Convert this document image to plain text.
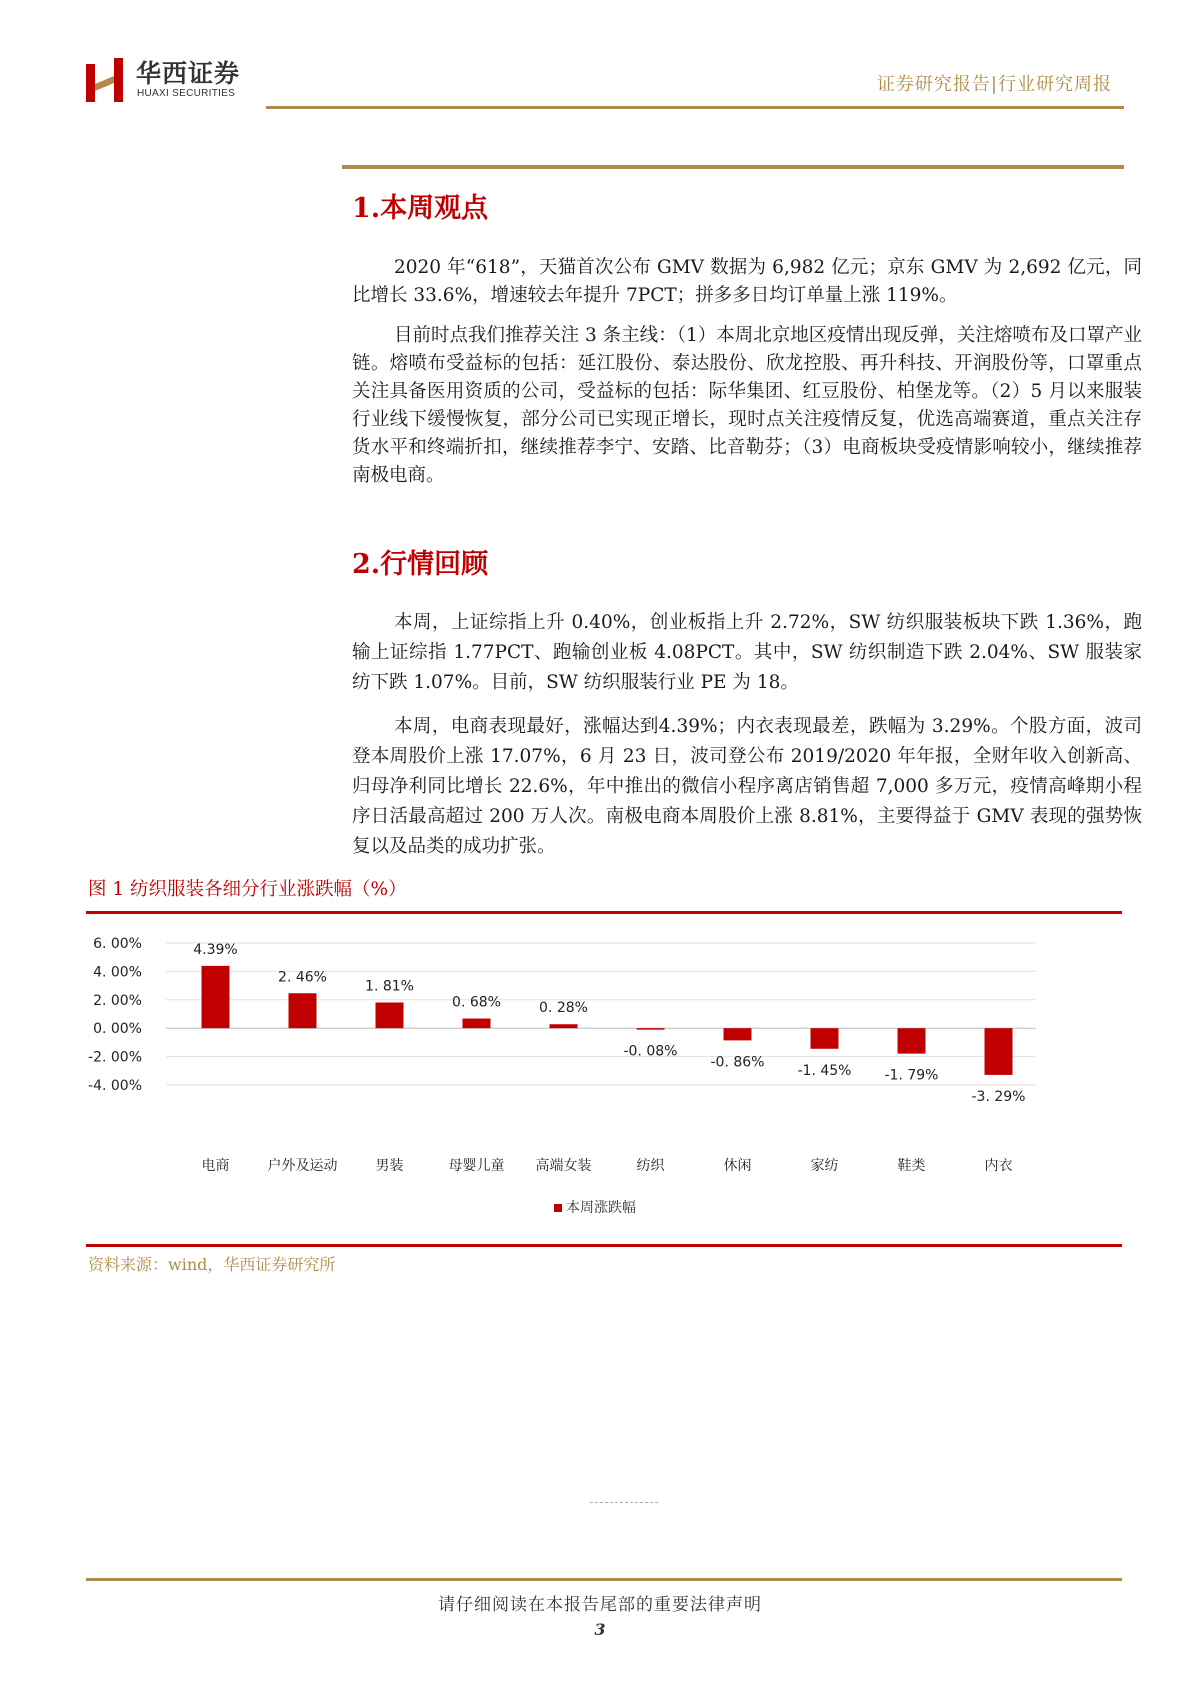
华西证券
HUAXI SECURITIES	证券研究报告|行业研究周报
1.本周观点
2020 年“618”，天猫首次公布 GMV 数据为 6,982 亿元；京东 GMV 为 2,692 亿元，同比增长 33.6%，增速较去年提升 7PCT；拼多多日均订单量上涨 119%。
目前时点我们推荐关注 3 条主线：（1）本周北京地区疫情出现反弹，关注熔喷布及口罩产业链。熔喷布受益标的包括：延江股份、泰达股份、欣龙控股、再升科技、开润股份等，口罩重点关注具备医用资质的公司，受益标的包括：际华集团、红豆股份、柏堡龙等。（2）5 月以来服装行业线下缓慢恢复，部分公司已实现正增长，现时点关注疫情反复，优选高端赛道，重点关注存货水平和终端折扣，继续推荐李宁、安踏、比音勒芬；（3）电商板块受疫情影响较小，继续推荐南极电商。
2.行情回顾
本周，上证综指上升 0.40%，创业板指上升 2.72%，SW 纺织服装板块下跌 1.36%，跑输上证综指 1.77PCT、跑输创业板 4.08PCT。其中，SW 纺织制造下跌 2.04%、SW 服装家纺下跌 1.07%。目前，SW 纺织服装行业 PE 为 18。
本周，电商表现最好，涨幅达到4.39%；内衣表现最差，跌幅为 3.29%。个股方面，波司登本周股价上涨 17.07%，6 月 23 日，波司登公布 2019/2020 年年报，全财年收入创新高、归母净利同比增长 22.6%，年中推出的微信小程序离店销售超 7,000 多万元，疫情高峰期小程序日活最高超过 200 万人次。南极电商本周股价上涨 8.81%，主要得益于 GMV 表现的强势恢复以及品类的成功扩张。
图 1 纺织服装各细分行业涨跌幅（%）
6. 00%
4. 00%
2. 00%
0. 00%
-2. 00%
-4. 00%
4.39%
2. 46%
1. 81%
0. 68%	0. 28%
-0. 08%
-0. 86%
-1. 45% -1. 79%
-3. 29%
电商	户外及运动	男装	母婴儿童 高端女装	纺织	休闲	家纺	鞋类	内衣
本周涨跌幅
资料来源：wind，华西证券研究所
请仔细阅读在本报告尾部的重要法律声明
3
